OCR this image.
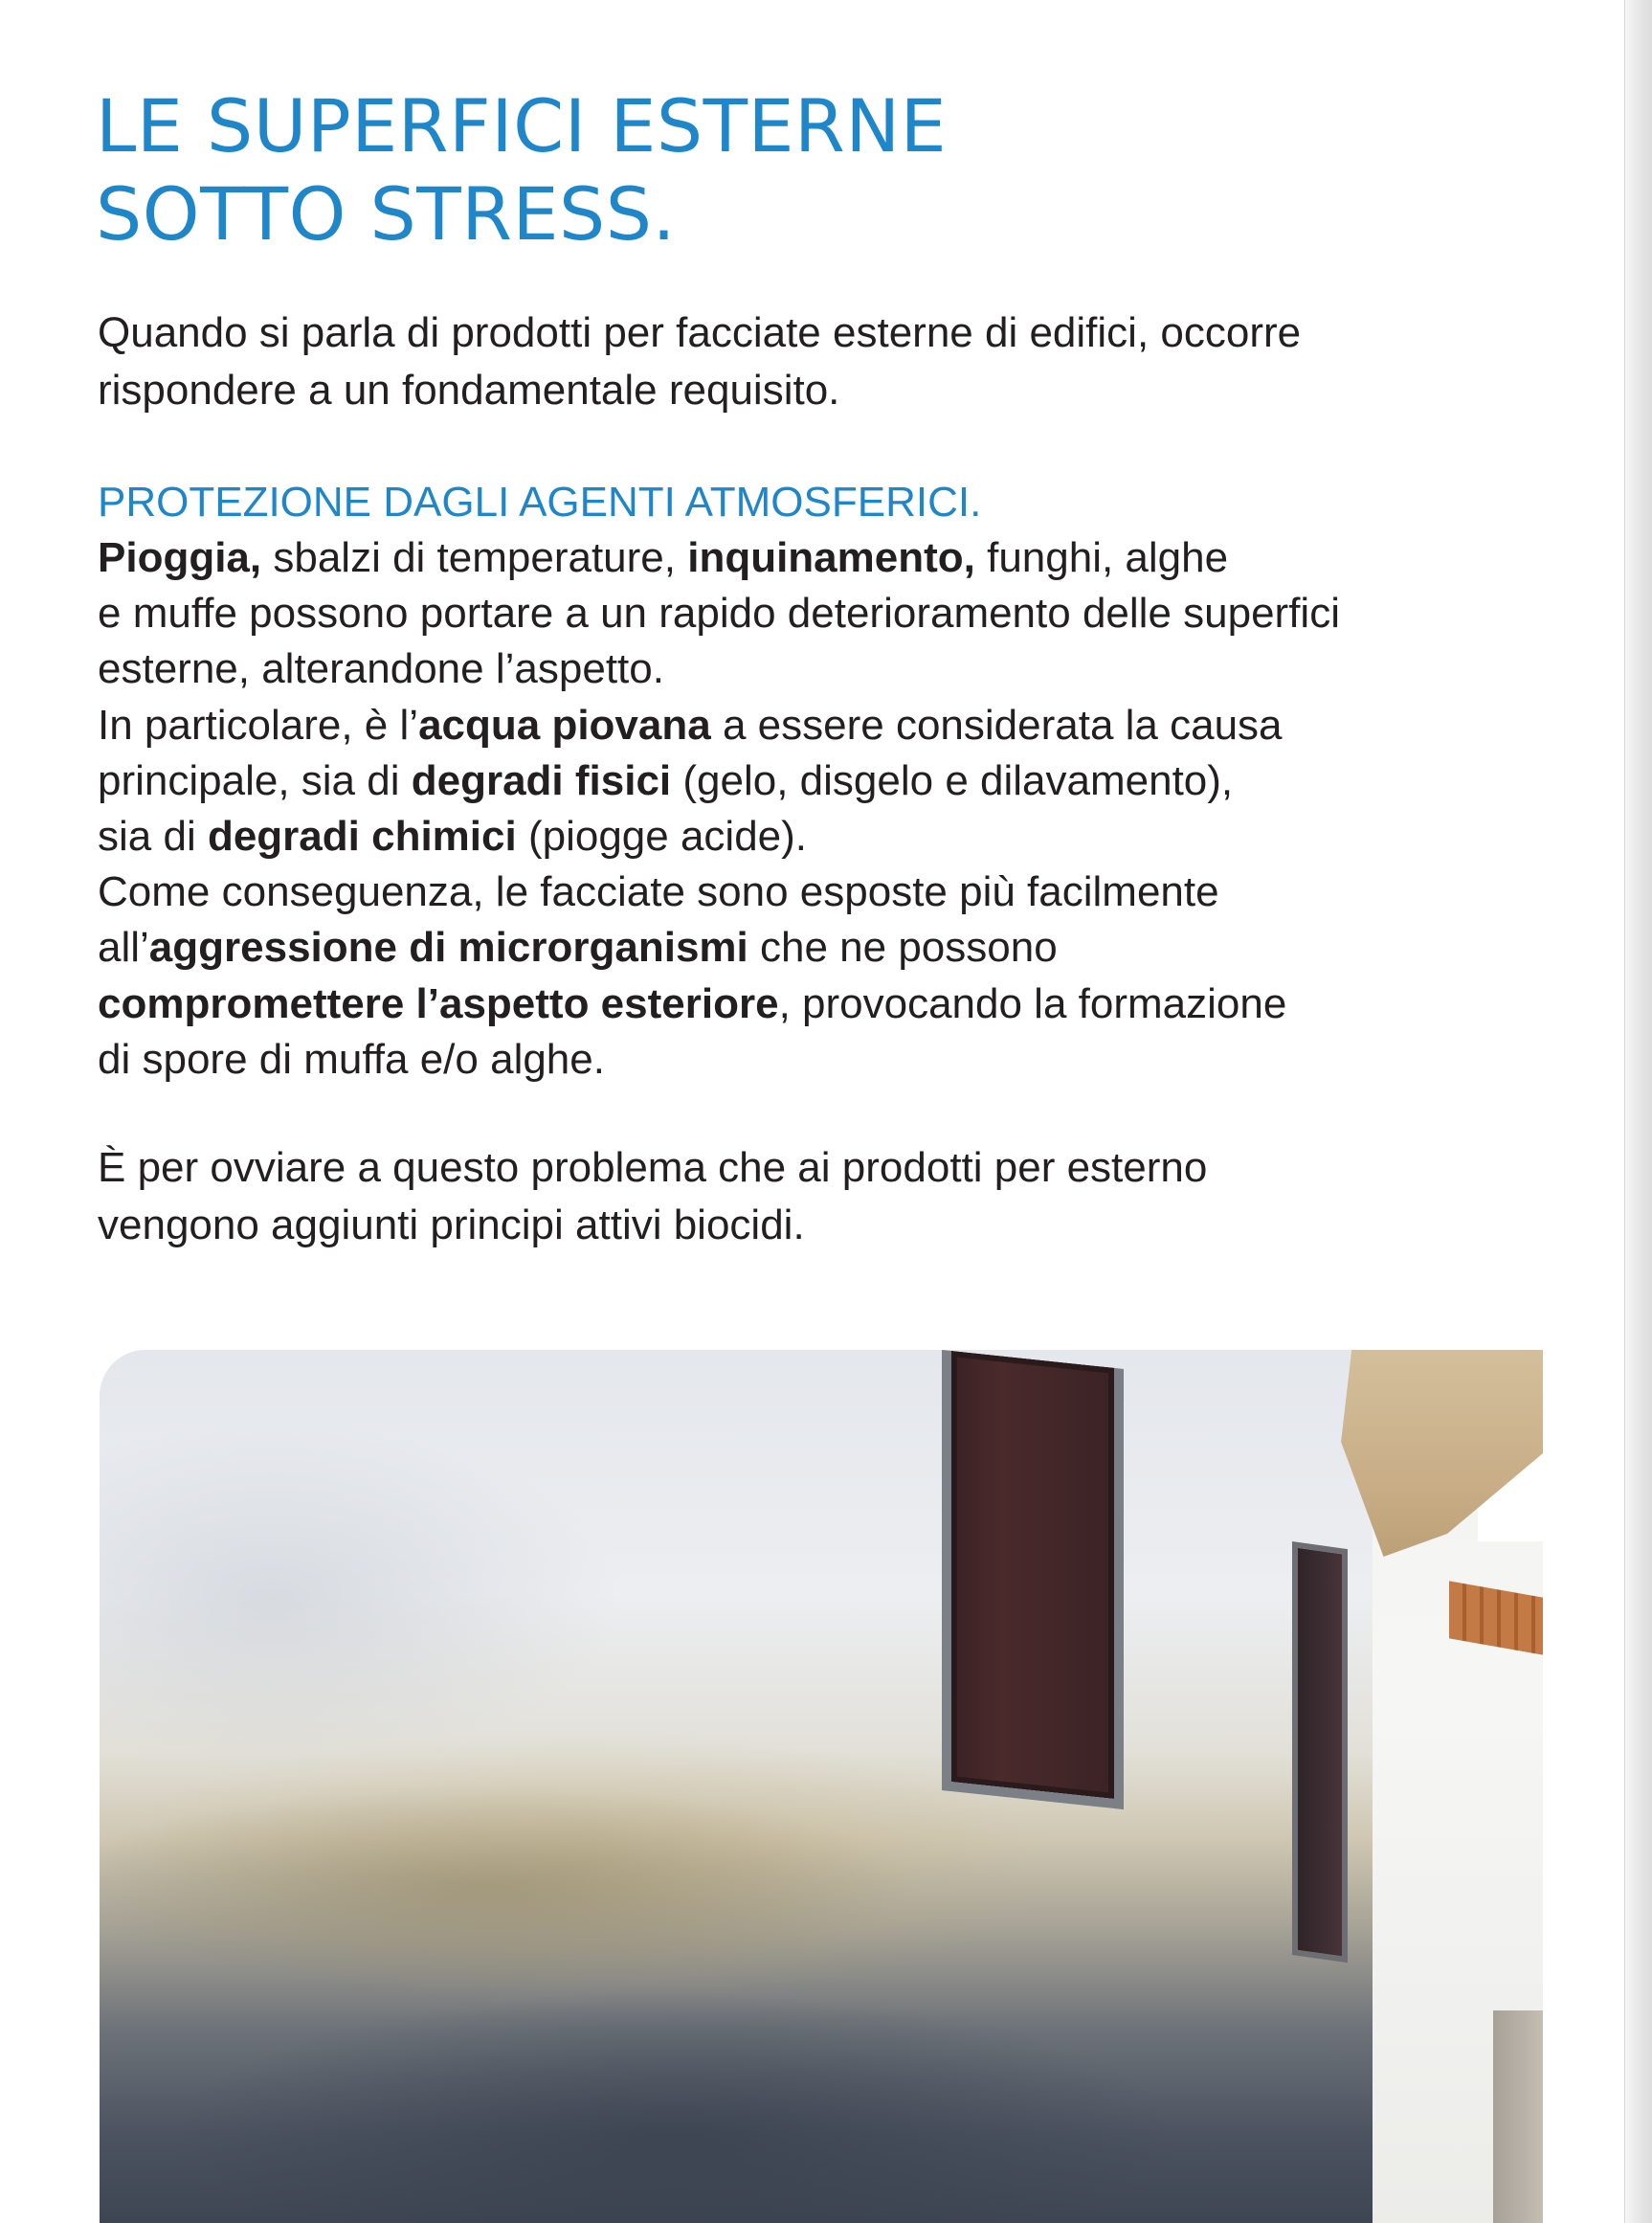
LE SUPERFICI ESTERNE
SOTTO STRESS.

Quando si parla di prodotti per facciate esterne di edifici, occorre
rispondere a un fondamentale requisito.

PROTEZIONE DAGLI AGENTI ATMOSFERICI.

Pioggia, sbalzi di temperature, inquinamento, funghi, alghe
e muffe possono portare a un rapido deterioramento delle superfici
esterne, alterandone l’aspetto.
In particolare, è l’acqua piovana a essere considerata la causa
principale, sia di degradi fisici (gelo, disgelo e dilavamento),
sia di degradi chimici (piogge acide).
Come conseguenza, le facciate sono esposte più facilmente
all’aggressione di microrganismi che ne possono
compromettere l’aspetto esteriore, provocando la formazione
di spore di muffa e/o alghe.

È per ovviare a questo problema che ai prodotti per esterno
vengono aggiunti principi attivi biocidi.
